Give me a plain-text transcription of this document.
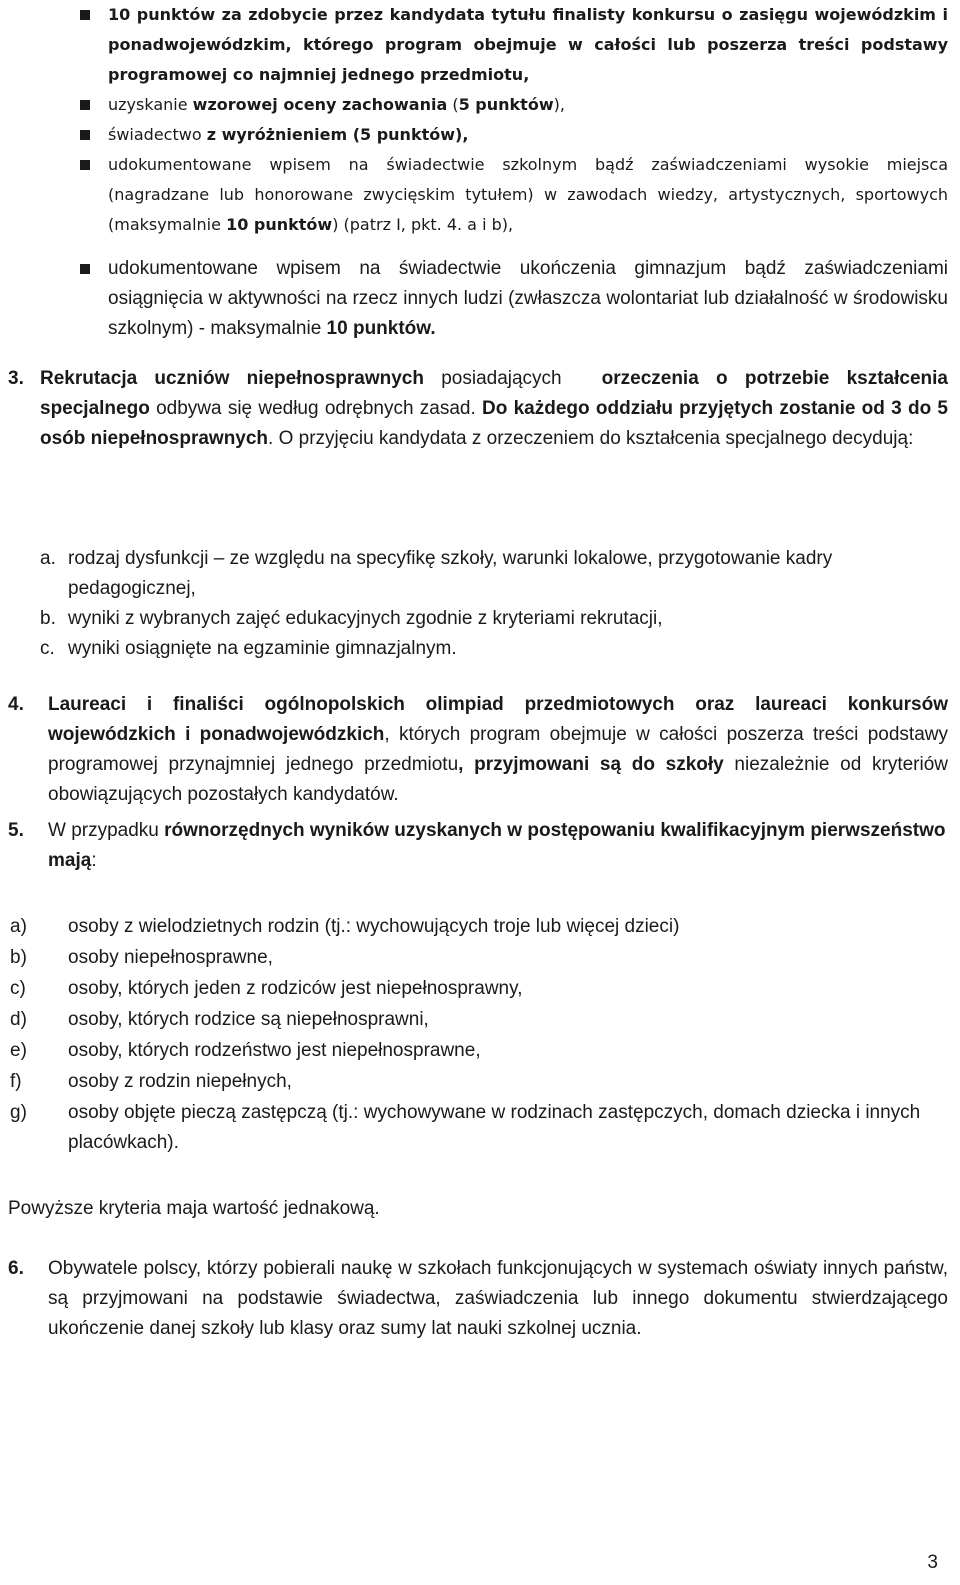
10 punktów za zdobycie przez kandydata tytułu finalisty konkursu o zasięgu wojewódzkim i ponadwojewódzkim, którego program obejmuje w całości lub poszerza treści podstawy programowej co najmniej jednego przedmiotu,

uzyskanie wzorowej oceny zachowania (5 punktów),

świadectwo z wyróżnieniem (5 punktów),

udokumentowane wpisem na świadectwie szkolnym bądź zaświadczeniami wysokie miejsca (nagradzane lub honorowane zwycięskim tytułem) w zawodach wiedzy, artystycznych, sportowych (maksymalnie 10 punktów) (patrz I, pkt. 4. a i b),

udokumentowane wpisem na świadectwie ukończenia gimnazjum bądź zaświadczeniami osiągnięcia w aktywności na rzecz innych ludzi (zwłaszcza wolontariat lub działalność w środowisku szkolnym) - maksymalnie 10 punktów.

3. Rekrutacja uczniów niepełnosprawnych posiadających orzeczenia o potrzebie kształcenia specjalnego odbywa się według odrębnych zasad. Do każdego oddziału przyjętych zostanie od 3 do 5 osób niepełnosprawnych. O przyjęciu kandydata z orzeczeniem do kształcenia specjalnego decydują:

a. rodzaj dysfunkcji – ze względu na specyfikę szkoły, warunki lokalowe, przygotowanie kadry pedagogicznej,

b. wyniki z wybranych zajęć edukacyjnych zgodnie z kryteriami rekrutacji,

c. wyniki osiągnięte na egzaminie gimnazjalnym.

4. Laureaci i finaliści ogólnopolskich olimpiad przedmiotowych oraz laureaci konkursów wojewódzkich i ponadwojewódzkich, których program obejmuje w całości poszerza treści podstawy programowej przynajmniej jednego przedmiotu, przyjmowani są do szkoły niezależnie od kryteriów obowiązujących pozostałych kandydatów.

5. W przypadku równorzędnych wyników uzyskanych w postępowaniu kwalifikacyjnym pierwszeństwo mają:

a) osoby z wielodzietnych rodzin (tj.: wychowujących troje lub więcej dzieci)

b) osoby niepełnosprawne,

c) osoby, których jeden z rodziców jest niepełnosprawny,

d) osoby, których rodzice są niepełnosprawni,

e) osoby, których rodzeństwo jest niepełnosprawne,

f) osoby z rodzin niepełnych,

g) osoby objęte pieczą zastępczą (tj.: wychowywane w rodzinach zastępczych, domach dziecka i innych placówkach).

Powyższe kryteria maja wartość jednakową.

6. Obywatele polscy, którzy pobierali naukę w szkołach funkcjonujących w systemach oświaty innych państw, są przyjmowani na podstawie świadectwa, zaświadczenia lub innego dokumentu stwierdzającego ukończenie danej szkoły lub klasy oraz sumy lat nauki szkolnej ucznia.

3
